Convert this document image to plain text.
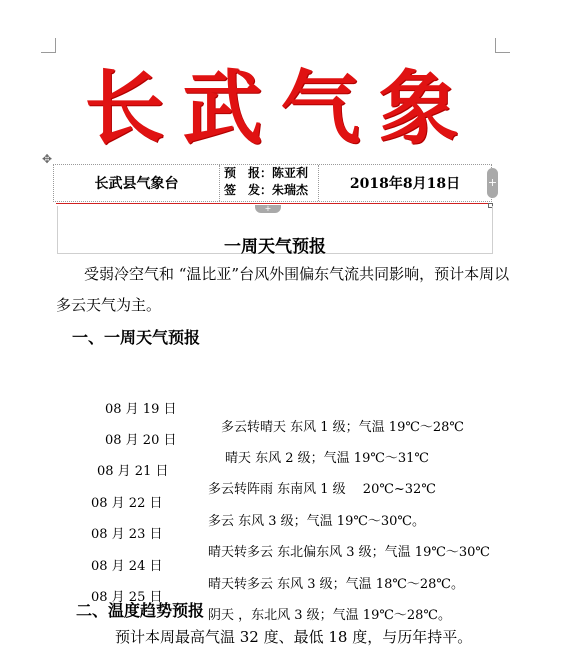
长武气象
✥
长武县气象台
预　报：陈亚利
签　发：朱瑞杰	2018年8月18日	+
+
一周天气预报
受弱冷空气和 “温比亚”台风外围偏东气流共同影响，预计本周以
多云天气为主。
一、一周天气预报

08 月 19 日

多云转晴天 东风 1 级；气温 19℃～28℃

08 月 20 日

晴天 东风 2 级；气温 19℃～31℃

08 月 21 日

多云转阵雨 东南风 1 级　 20℃~32℃

08 月 22 日

多云 东风 3 级；气温 19℃～30℃。

08 月 23 日

晴天转多云 东北偏东风 3 级；气温 19℃～30℃

08 月 24 日

晴天转多云 东风 3 级；气温 18℃～28℃。

08 月 25 日

阴天 ，东北风 3 级；气温 19℃～28℃。

二、温度趋势预报
预计本周最高气温 32 度、最低 18 度，与历年持平。
